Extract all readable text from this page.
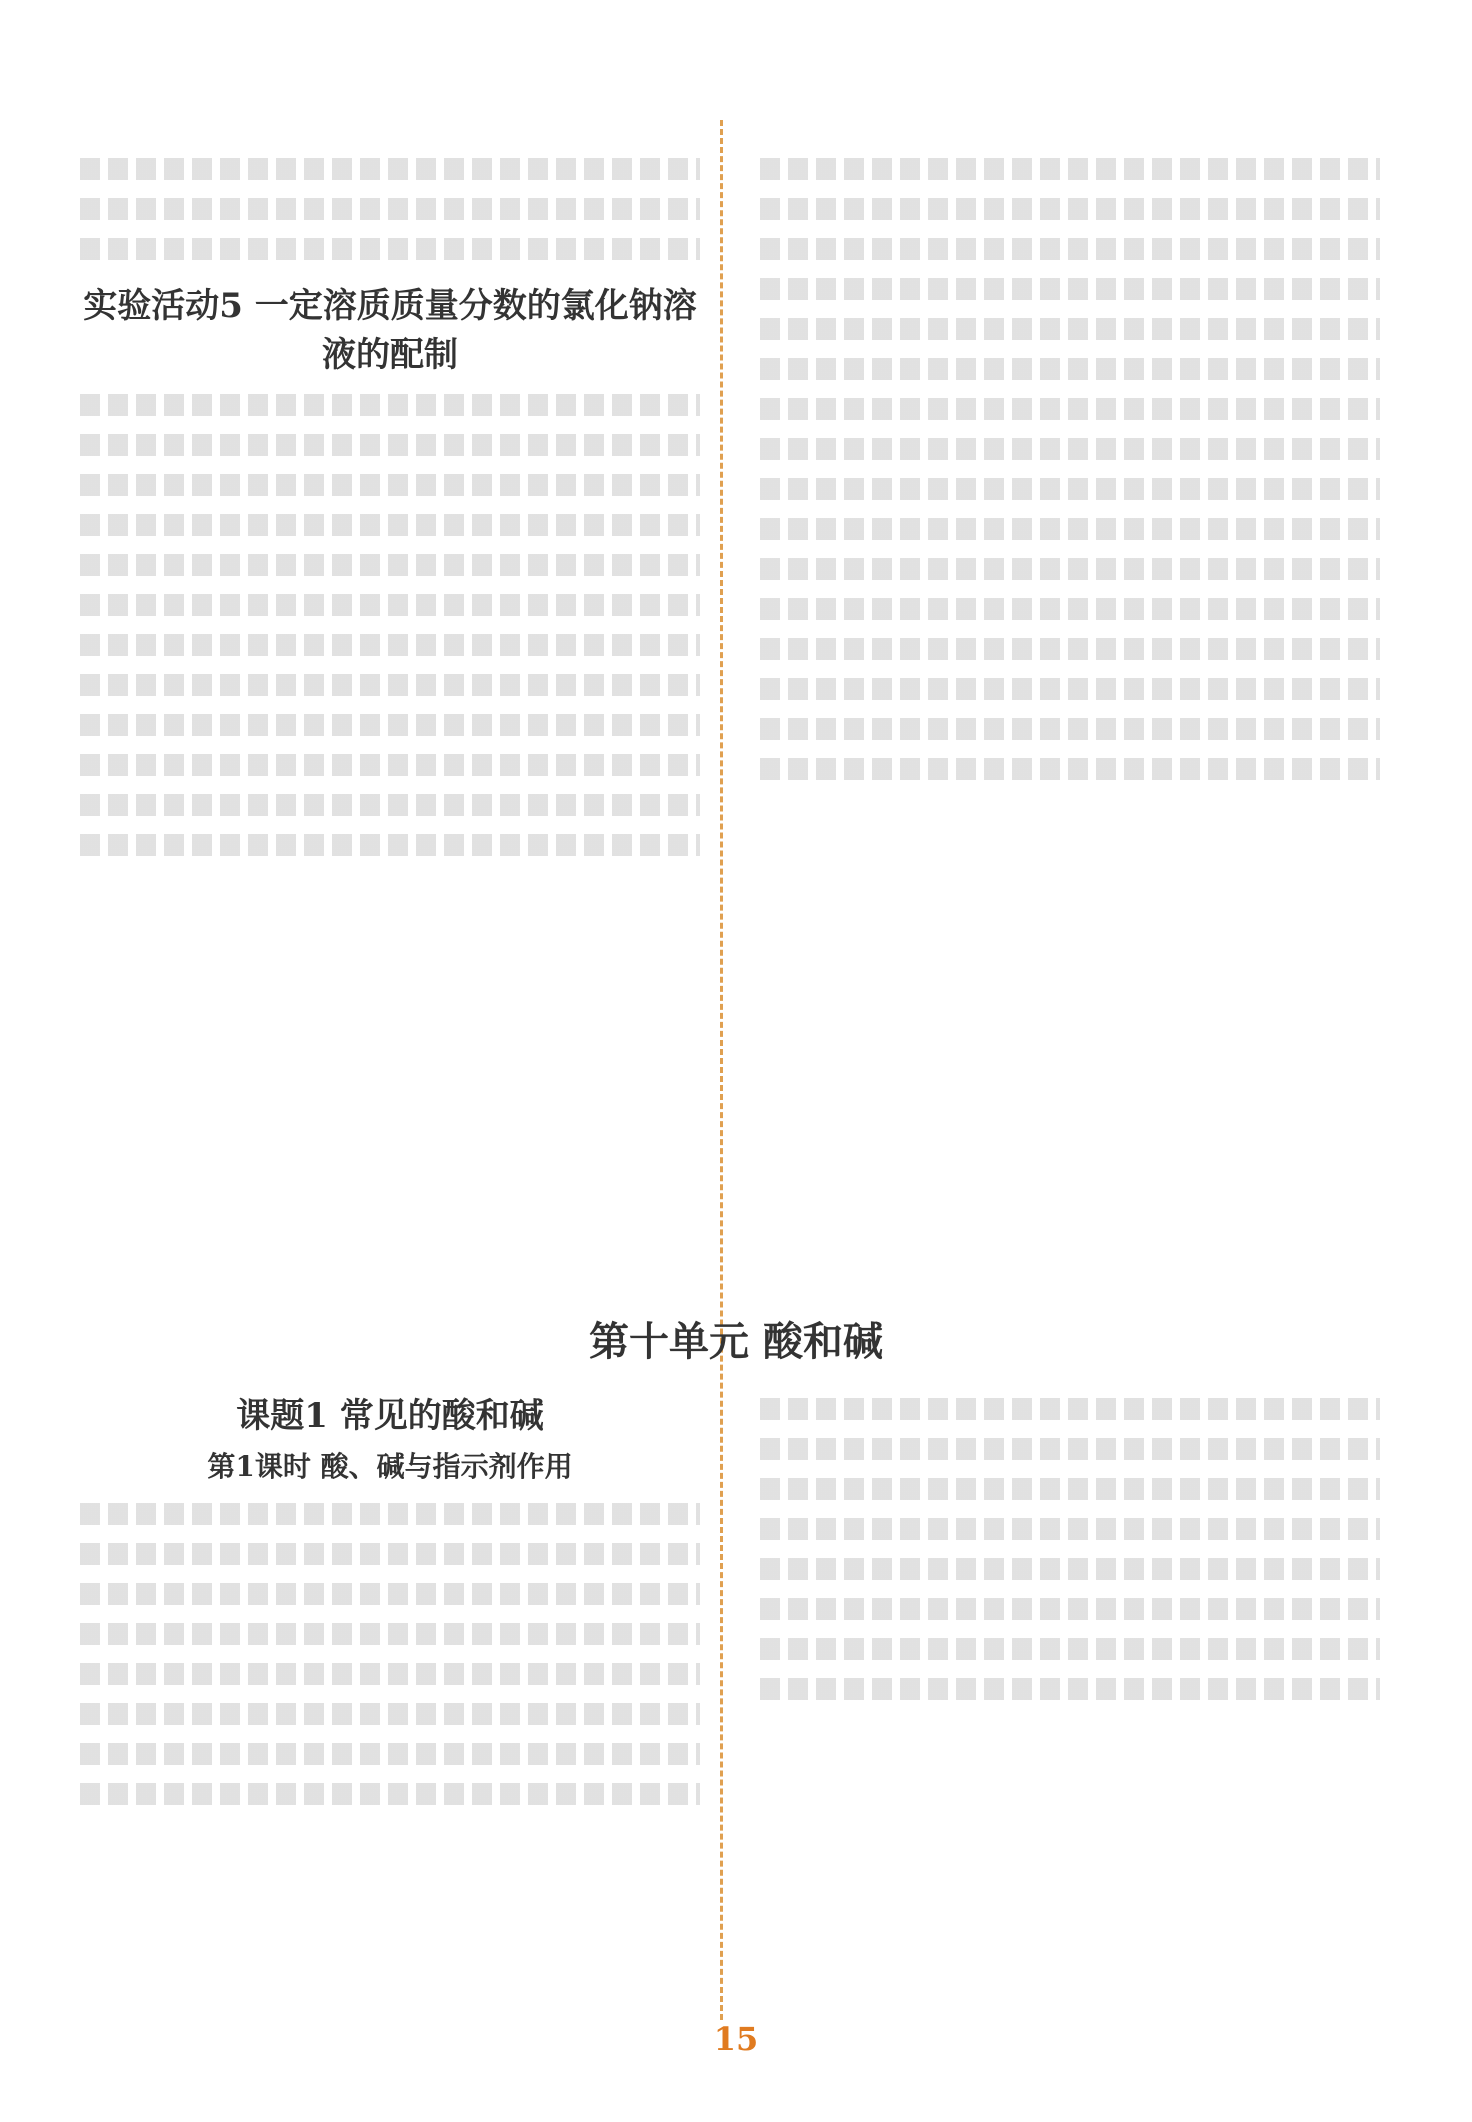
实验活动5 一定溶质质量分数的氯化钠溶液的配制
第十单元 酸和碱
课题1 常见的酸和碱
第1课时 酸、碱与指示剂作用
15
